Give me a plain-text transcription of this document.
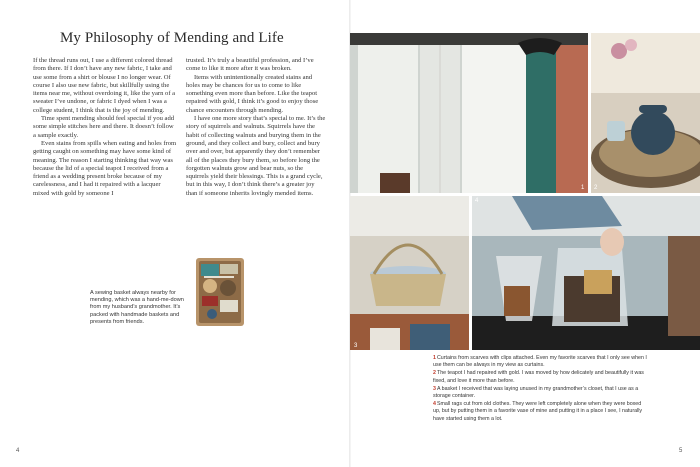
My Philosophy of Mending and Life

If the thread runs out, I use a different colored thread from there. If I don’t have any new fabric, I take and use some from a shirt or blouse I no longer wear. Of course I also use new fabric, but skillfully using the items near me, without overdoing it, like the yarn of a sweater I’ve undone, or fabric I dyed when I was a college student, I think that is the joy of mending.

Time spent mending should feel special if you add some simple stitches here and there. It doesn’t follow a sample exactly.

Even stains from spills when eating and holes from getting caught on something may have some kind of meaning. The reason I starting thinking that way was because the lid of a special teapot I received from a friend as a wedding present broke because of my carelessness, and I had it repaired with a lacquer mixed with gold by someone I

trusted. It’s truly a beautiful profession, and I’ve come to like it more after it was broken.

Items with unintentionally created stains and holes may be chances for us to come to like something even more than before. Like the teapot repaired with gold, I think it’s good to enjoy those chance encounters through mending.

I have one more story that’s special to me. It’s the story of squirrels and walnuts. Squirrels have the habit of collecting walnuts and burying them in the ground, and they collect and bury, collect and bury over and over, but apparently they don’t remember all of the places they bury them, so before long the forgotten walnuts grow and bear nuts, so the squirrels yield their blessings. This is a grand cycle, but in this way, I don’t think there’s a greater joy than if someone inherits lovingly mended items.

A sewing basket always nearby for mending, which was a hand-me-down from my husband’s grandmother. It’s packed with handmade baskets and presents from friends.
4
1 2
3
4
1Curtains from scarves with clips attached. Even my favorite scarves that I only see when I use them can be always in my view as curtains.
2The teapot I had repaired with gold. I was moved by how delicately and beautifully it was fixed, and love it more than before.
3A basket I received that was laying unused in my grandmother’s closet, that I use as a storage container.
4Small rags cut from old clothes. They were left completely alone when they were boxed up, but by putting them in a favorite vase of mine and putting it in a place I see, I naturally have started using them a lot.
5
